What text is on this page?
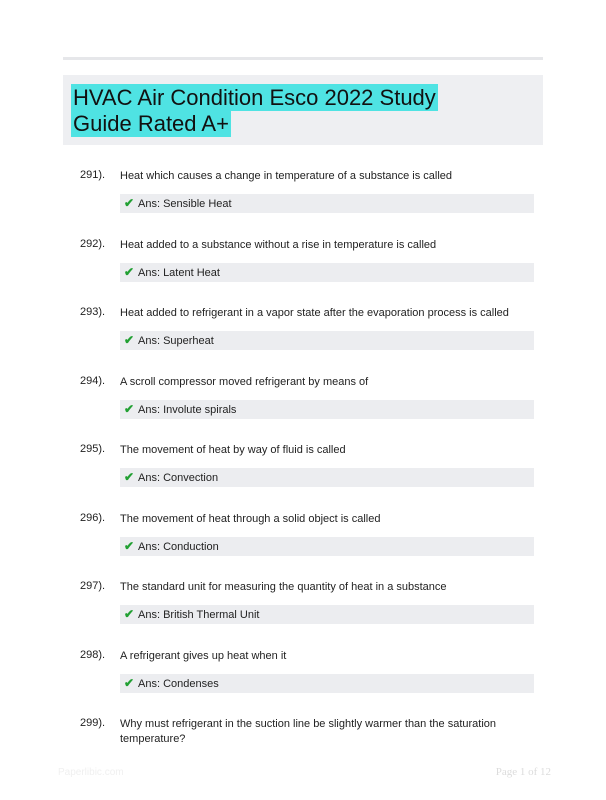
HVAC Air Condition Esco 2022 Study Guide Rated A+
291). Heat which causes a change in temperature of a substance is called
✔ Ans: Sensible Heat
292). Heat added to a substance without a rise in temperature is called
✔ Ans: Latent Heat
293). Heat added to refrigerant in a vapor state after the evaporation process is called
✔ Ans: Superheat
294). A scroll compressor moved refrigerant by means of
✔ Ans: Involute spirals
295). The movement of heat by way of fluid is called
✔ Ans: Convection
296). The movement of heat through a solid object is called
✔ Ans: Conduction
297). The standard unit for measuring the quantity of heat in a substance
✔ Ans: British Thermal Unit
298). A refrigerant gives up heat when it
✔ Ans: Condenses
299). Why must refrigerant in the suction line be slightly warmer than the saturation temperature?
Paperlibic.com	Page 1 of 12
